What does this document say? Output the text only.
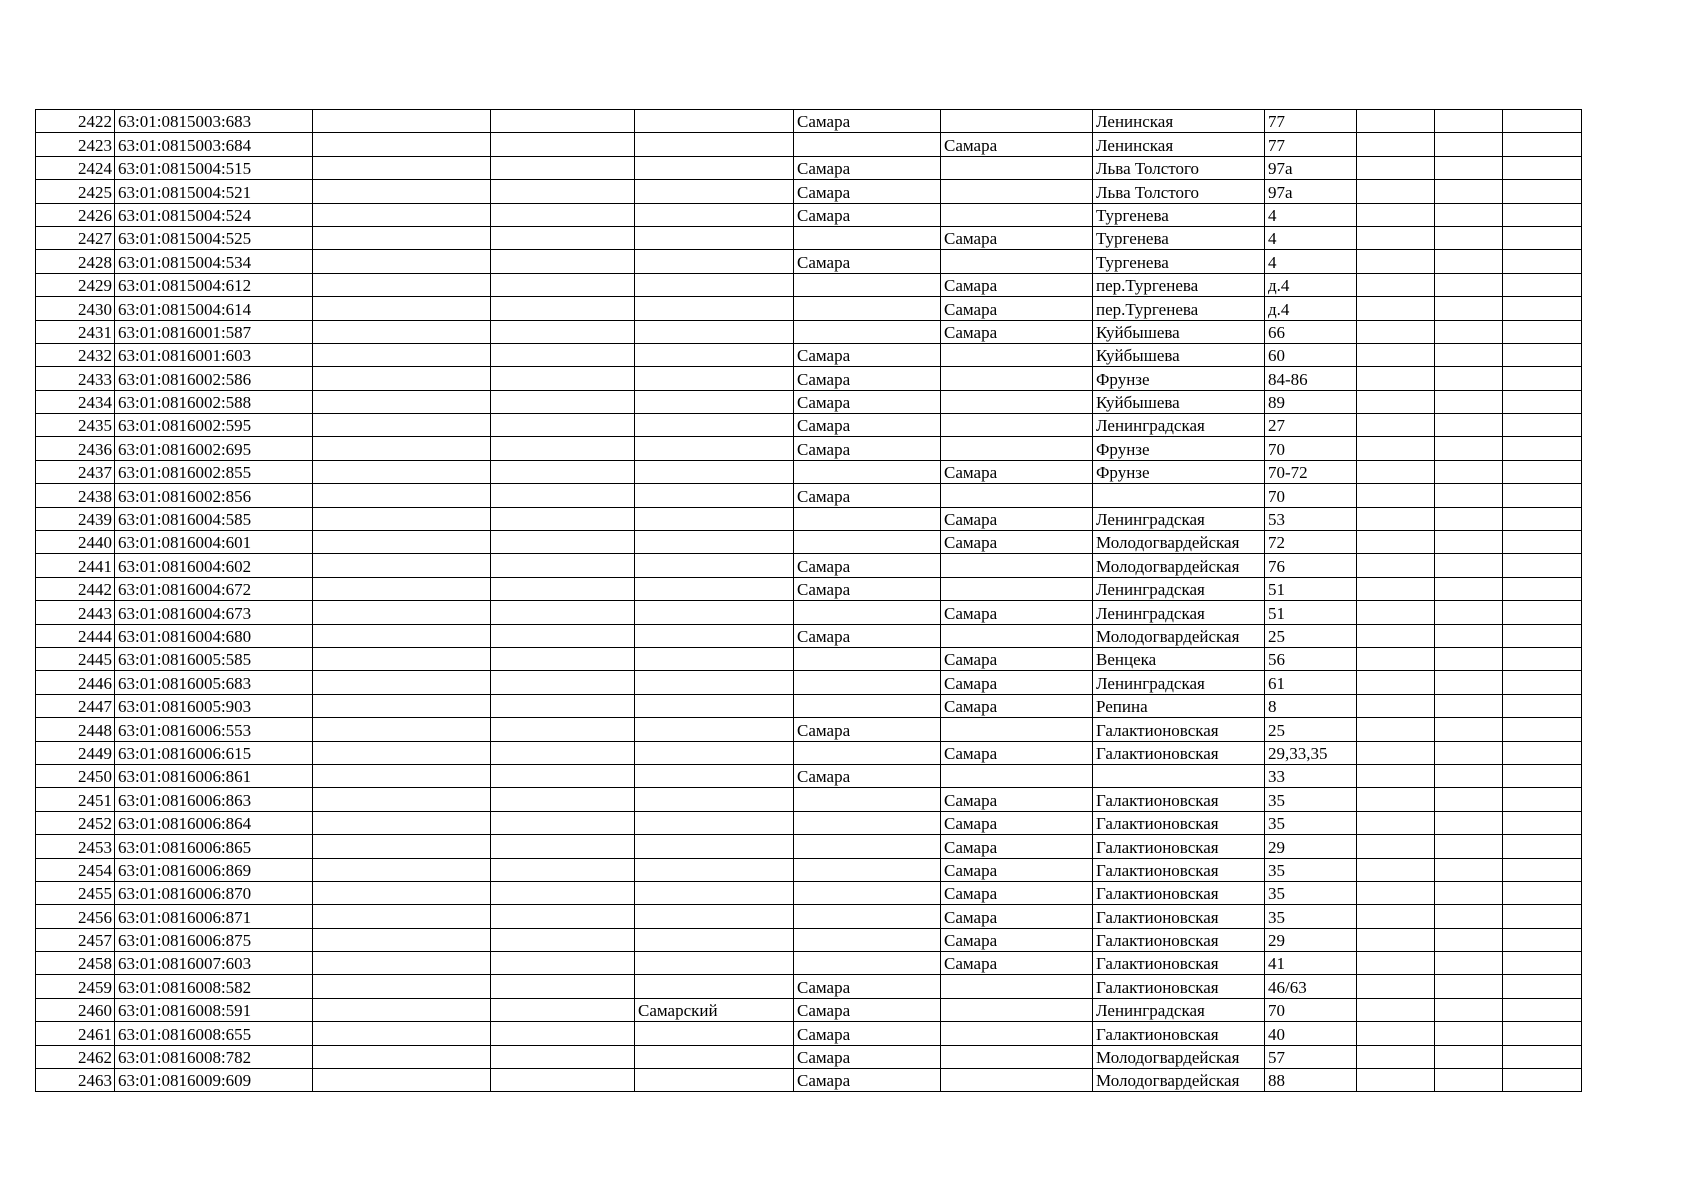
2422	63:01:0815003:683				Самара		Ленинская	77			
2423	63:01:0815003:684					Самара	Ленинская	77			
2424	63:01:0815004:515				Самара		Льва Толстого	97а			
2425	63:01:0815004:521				Самара		Льва Толстого	97а			
2426	63:01:0815004:524				Самара		Тургенева	4			
2427	63:01:0815004:525					Самара	Тургенева	4			
2428	63:01:0815004:534				Самара		Тургенева	4			
2429	63:01:0815004:612					Самара	пер.Тургенева	д.4			
2430	63:01:0815004:614					Самара	пер.Тургенева	д.4			
2431	63:01:0816001:587					Самара	Куйбышева	66			
2432	63:01:0816001:603				Самара		Куйбышева	60			
2433	63:01:0816002:586				Самара		Фрунзе	84-86			
2434	63:01:0816002:588				Самара		Куйбышева	89			
2435	63:01:0816002:595				Самара		Ленинградская	27			
2436	63:01:0816002:695				Самара		Фрунзе	70			
2437	63:01:0816002:855					Самара	Фрунзе	70-72			
2438	63:01:0816002:856				Самара			70			
2439	63:01:0816004:585					Самара	Ленинградская	53			
2440	63:01:0816004:601					Самара	Молодогвардейская	72			
2441	63:01:0816004:602				Самара		Молодогвардейская	76			
2442	63:01:0816004:672				Самара		Ленинградская	51			
2443	63:01:0816004:673					Самара	Ленинградская	51			
2444	63:01:0816004:680				Самара		Молодогвардейская	25			
2445	63:01:0816005:585					Самара	Венцека	56			
2446	63:01:0816005:683					Самара	Ленинградская	61			
2447	63:01:0816005:903					Самара	Репина	8			
2448	63:01:0816006:553				Самара		Галактионовская	25			
2449	63:01:0816006:615					Самара	Галактионовская	29,33,35			
2450	63:01:0816006:861				Самара			33			
2451	63:01:0816006:863					Самара	Галактионовская	35			
2452	63:01:0816006:864					Самара	Галактионовская	35			
2453	63:01:0816006:865					Самара	Галактионовская	29			
2454	63:01:0816006:869					Самара	Галактионовская	35			
2455	63:01:0816006:870					Самара	Галактионовская	35			
2456	63:01:0816006:871					Самара	Галактионовская	35			
2457	63:01:0816006:875					Самара	Галактионовская	29			
2458	63:01:0816007:603					Самара	Галактионовская	41			
2459	63:01:0816008:582				Самара		Галактионовская	46/63			
2460	63:01:0816008:591			Самарский	Самара		Ленинградская	70			
2461	63:01:0816008:655				Самара		Галактионовская	40			
2462	63:01:0816008:782				Самара		Молодогвардейская	57			
2463	63:01:0816009:609				Самара		Молодогвардейская	88			
